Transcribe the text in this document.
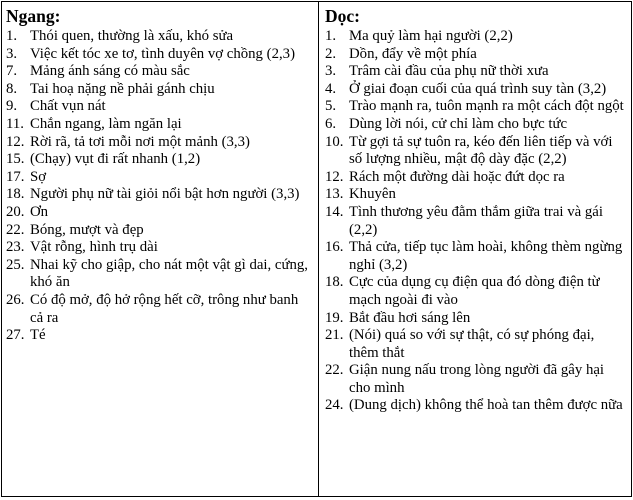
Ngang:
1. Thói quen, thường là xấu, khó sửa
3. Việc kết tóc xe tơ, tình duyên vợ chồng (2,3)
7. Mảng ánh sáng có màu sắc
8. Tai hoạ nặng nề phải gánh chịu
9. Chất vụn nát
11. Chắn ngang, làm ngăn lại
12. Rời rã, tả tơi mỗi nơi một mảnh (3,3)
15. (Chạy) vụt đi rất nhanh (1,2)
17. Sợ
18. Người phụ nữ tài giỏi nổi bật hơn người (3,3)
20. Ơn
22. Bóng, mượt và đẹp
23. Vật rỗng, hình trụ dài
25. Nhai kỹ cho giập, cho nát một vật gì dai, cứng, khó ăn
26. Có độ mở, độ hở rộng hết cỡ, trông như banh cả ra
27. Té
Dọc:
1. Ma quỷ làm hại người (2,2)
2. Dồn, đẩy về một phía
3. Trâm cài đầu của phụ nữ thời xưa
4. Ở giai đoạn cuối của quá trình suy tàn (3,2)
5. Trào mạnh ra, tuôn mạnh ra một cách đột ngột
6. Dùng lời nói, cử chỉ làm cho bực tức
10. Từ gợi tả sự tuôn ra, kéo đến liên tiếp và với số lượng nhiều, mật độ dày đặc (2,2)
12. Rách một đường dài hoặc đứt dọc ra
13. Khuyên
14. Tình thương yêu đằm thắm giữa trai và gái (2,2)
16. Thả cửa, tiếp tục làm hoài, không thèm ngừng nghỉ (3,2)
18. Cực của dụng cụ điện qua đó dòng điện từ mạch ngoài đi vào
19. Bắt đầu hơi sáng lên
21. (Nói) quá so với sự thật, có sự phóng đại, thêm thắt
22. Giận nung nấu trong lòng người đã gây hại cho mình
24. (Dung dịch) không thể hoà tan thêm được nữa
